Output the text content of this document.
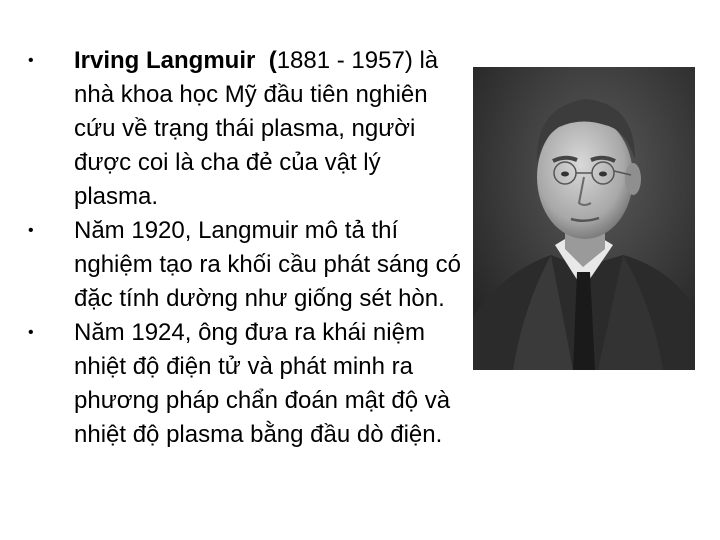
•	Irving Langmuir (1881 - 1957) là nhà khoa học Mỹ đầu tiên nghiên cứu về trạng thái plasma, người được coi là cha đẻ của vật lý plasma.
•	Năm 1920, Langmuir mô tả thí nghiệm tạo ra khối cầu phát sáng có đặc tính dường như giống sét hòn.
•	Năm 1924, ông đưa ra khái niệm nhiệt độ điện tử và phát minh ra phương pháp chẩn đoán mật độ và nhiệt độ plasma bằng đầu dò điện.
